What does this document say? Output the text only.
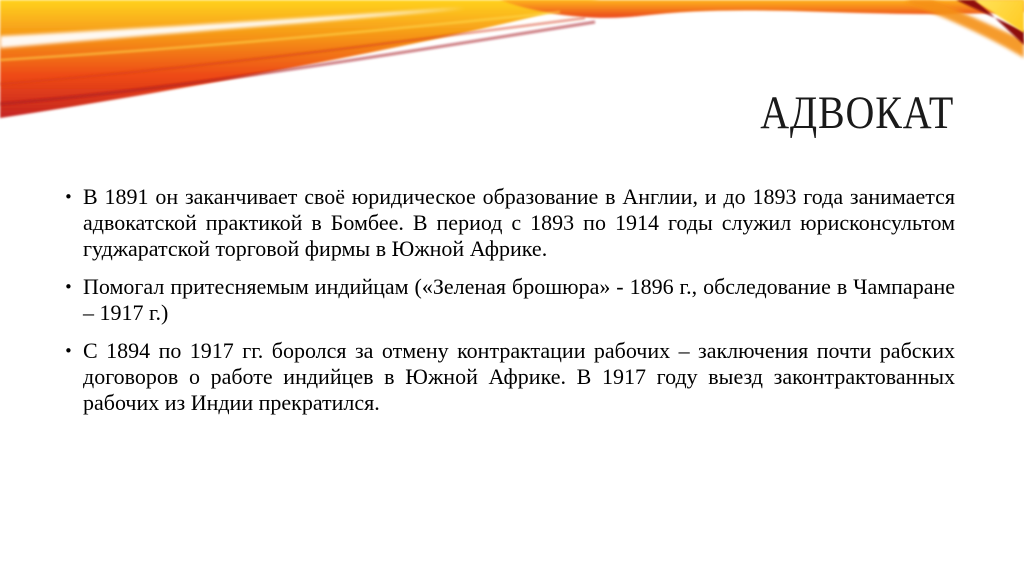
АДВОКАТ
• В 1891 он заканчивает своё юридическое образование в Англии, и до 1893 года занимается адвокатской практикой в Бомбее. В период с 1893 по 1914 годы служил юрисконсультом гуджаратской торговой фирмы в Южной Африке.

• Помогал притесняемым индийцам («Зеленая брошюра» - 1896 г., обследование в Чампаране – 1917 г.)

• С 1894 по 1917 гг. боролся за отмену контрактации рабочих – заключения почти рабских договоров о работе индийцев в Южной Африке. В 1917 году выезд законтрактованных рабочих из Индии прекратился.
